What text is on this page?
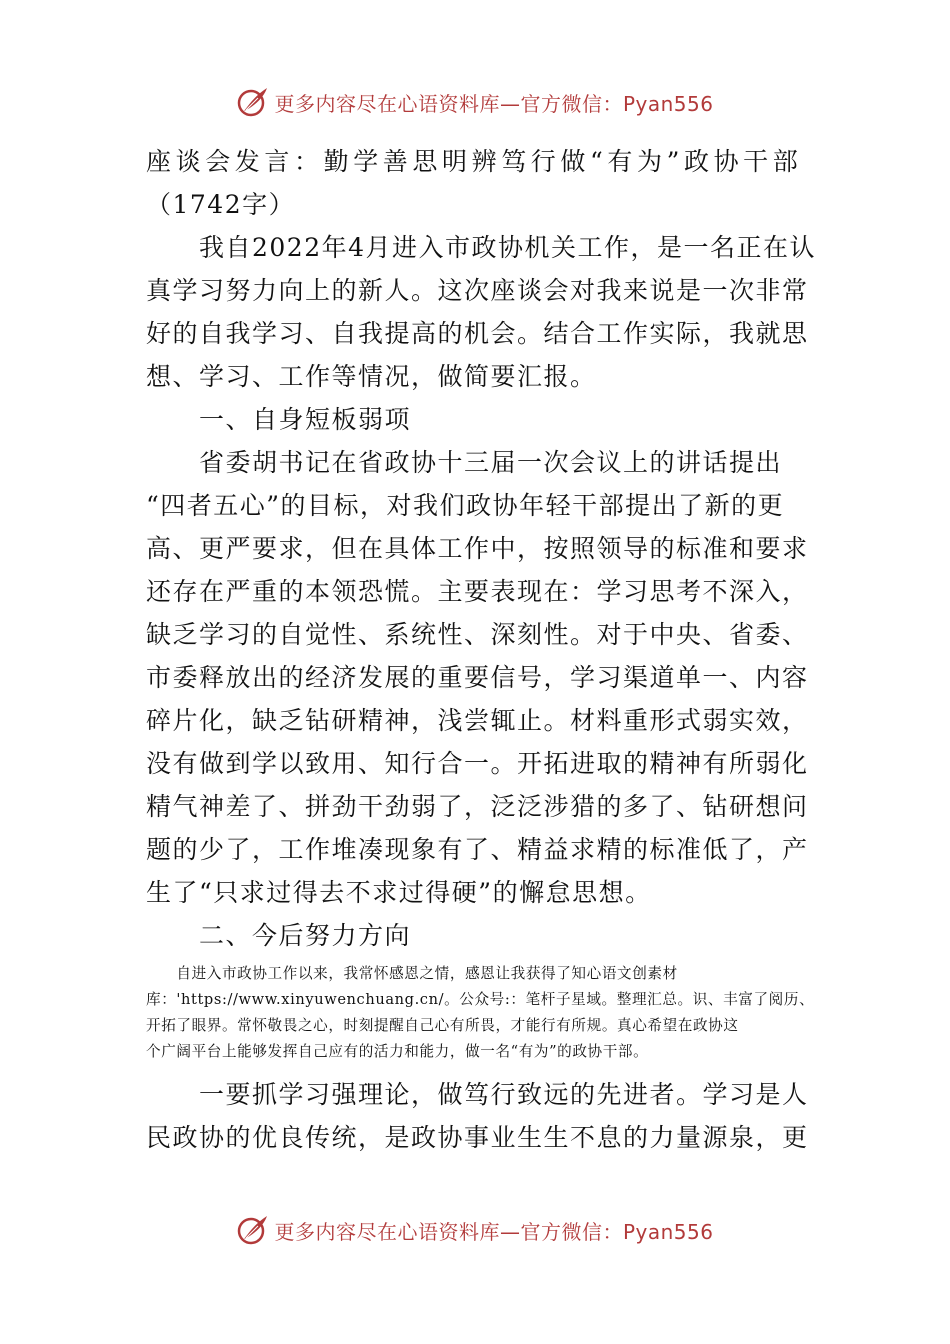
更多内容尽在心语资料库—官方微信：Pyan556
座谈会发言：勤学善思明辨笃行做“有为”政协干部
（1742字）
　　我自2022年4月进入市政协机关工作，是一名正在认
真学习努力向上的新人。这次座谈会对我来说是一次非常
好的自我学习、自我提高的机会。结合工作实际，我就思
想、学习、工作等情况，做简要汇报。
　　一、自身短板弱项
　　省委胡书记在省政协十三届一次会议上的讲话提出
“四者五心”的目标，对我们政协年轻干部提出了新的更
高、更严要求，但在具体工作中，按照领导的标准和要求
还存在严重的本领恐慌。主要表现在：学习思考不深入，
缺乏学习的自觉性、系统性、深刻性。对于中央、省委、
市委释放出的经济发展的重要信号，学习渠道单一、内容
碎片化，缺乏钻研精神，浅尝辄止。材料重形式弱实效，
没有做到学以致用、知行合一。开拓进取的精神有所弱化
精气神差了、拼劲干劲弱了，泛泛涉猎的多了、钻研想问
题的少了，工作堆凑现象有了、精益求精的标准低了，产
生了“只求过得去不求过得硬”的懈怠思想。
　　二、今后努力方向
　　自进入市政协工作以来，我常怀感恩之情，感恩让我获得了知心语文创素材
库：'https://www.xinyuwenchuang.cn/。公众号:：笔杆子星域。整理汇总。识、丰富了阅历、
开拓了眼界。常怀敬畏之心，时刻提醒自己心有所畏，才能行有所规。真心希望在政协这
个广阔平台上能够发挥自己应有的活力和能力，做一名“有为”的政协干部。
　　一要抓学习强理论，做笃行致远的先进者。学习是人
民政协的优良传统，是政协事业生生不息的力量源泉，更
更多内容尽在心语资料库—官方微信：Pyan556
